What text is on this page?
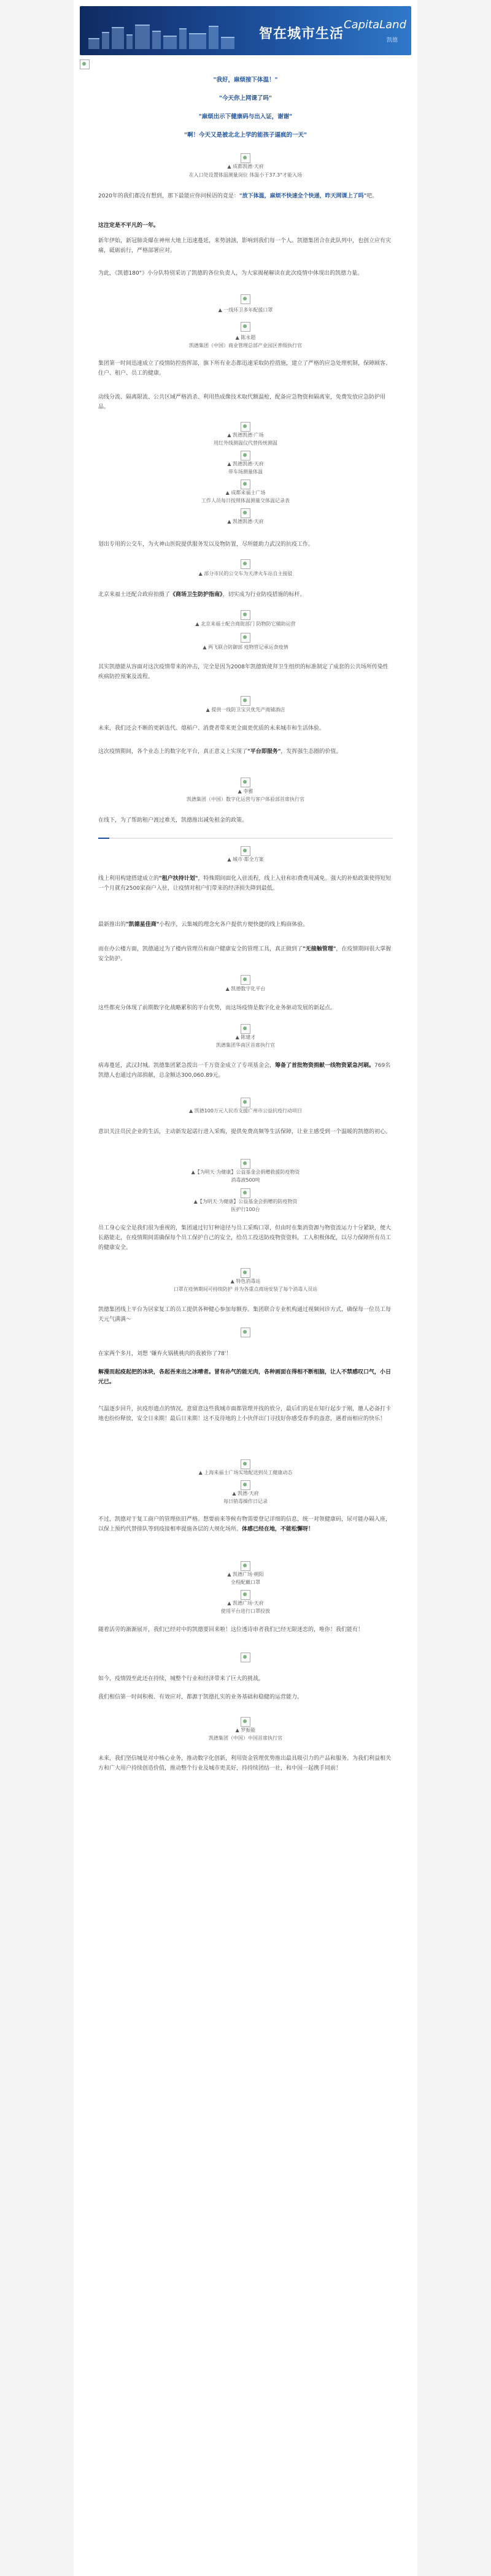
智在城市生活
CapitaLand
凯德

"我好，麻烦接下体温！"

"今天你上网课了吗"

"麻烦出示下健康码与出入证，谢谢"

"啊！今天又是被北北上学的能孩子逼疯的一天"

▲ 成都凯德·天府

在入口处设置体温测量岗位 体温小于37.3°才能入场

2020年的我们都没有想到，那下最能应你问候语的竟是："放下体温，麻烦不快速全个快递，昨天网课上了吗"吧。

这注定是不平凡的一年。

新年伊始，新冠肺炎爆在神州大地上迅速蔓延，来势汹汹，影响到我们每一个人。凯德集团合在此队列中，也创立应有灾痛，砥砺前行，严格部署应对。

为此，《凯德180°》小分队特别采访了凯德的各位负责人，为大家揭秘解读在此次疫情中体现出的凯德力量。

▲ 一线环卫多年配援口罩

▲ 陈永超

凯德集团（中国）商业管理总部产业园区普级执行官

集团第一时间迅速成立了疫情防控指挥部，旗下所有业态都迅速采取防控措施，建立了严格的应急处理机制，保障顾客、住户、租户、员工的健康。

动线分流、隔离限流、公共区域严格消杀、利用热成像技术取代额温枪，配备应急物资和隔离室，免费发放应急防护用品。

▲ 凯德凯德·广场

用红外线测温仪代替传统测温

▲ 凯德凯德·天府

带车场测量体温

▲ 成都来福士广场

工作人员每日按照体温测量交体温记录表

▲ 凯德凯德·天府

划出专用的公交车，为火神山医院提供服务发以及物防置，尽所能助力武汉的抗疫工作。

▲ 部分市民的公交车为天津火车站自主接驳

北京来福士还配合政府拍摄了《商场卫生防护指南》，切实成为行业防疫措施的标杆。

▲ 北京来福士配合商街部门 防物防它辅助运营

▲ 两飞联合防御部 疫物管记承运食疫情

其实凯德能从容面对这次疫情带来的冲击，完全是因为2008年凯德致使拜卫生组织的标准制定了成套的公共场所传染性疾病防控预案及流程。

▲ 提供一线防卫宝贝优先产商铺酒店

未来，我们还会不断的更新迭代、熄稻户、消费者带来更全面更优质的未来城市和生活体验。

这次疫情期间，各个业态上的数字化平台，真正意义上实现了"平台即服务"，发挥强生态圈的价值。

▲ 李雅

凯德集团（中国）数字化运营与客户体验部首席执行官

在线下，为了帮助租户渡过难关，凯德推出减免租金的政策。

▲ 城市·都全方案

线上利用构建搭建成立的"租户扶持计划"，特殊期间面化入驻流程，线上入驻和扣费费用减免。强大的补贴政策使得短短一个月就有2500家商户入驻，让疫情对租户们带来的经济损失降到最低。

最新推出的"凯德星佳商"小程序，云集城的理念允各户提供方便快捷的线上购商体验。

而在办公楼方面，凯德通过为了楼内管理员和商户健康安全的管理工具，真正做到了"无接触管理"，在疫情期间很大掌握安全防护。

▲ 凯德数字化平台

这些都充分体现了前期数字化战略累积的平台优势，而这场疫情是数字化业务驱动发展的新起点。

▲ 陈建才

凯德集团华南区首席执行官

病毒蔓延，武汉封城。凯德集团紧急拨出一千万资金成立了专项基金会，筹备了首批物资捐献一线物资紧急河刷。769名凯德人也通过内部捐献，总金额达300,060.89元。

▲ 凯德100万元人民币支援广州市公益抗疫行动项目

意识关注员民企业的生活，主动新发起诺行进入采购，提供免费高频等生活保障，让业主感受到一个温暖的凯德的初心。

▲【为明天·为健康】公益基金会捐赠救援防疫物资

消毒液500吨

▲【为明天·为健康】公益基金会捐赠的防疫物资

医护行100台

员工身心安全是我们很为重视的，集团通过钉钉种途径与员工采购口罩，但由时在集消资源与物资流运力十分紧缺，便大长路能走，在疫情期间需确保每个员工保护自己的安全，给员工投送防疫物资资料，工人积极体配，以尽力保障所有员工的健康安全。

▲ 特色消毒站

口罩在疫情期间可持续防护 并为各重点商场安装了每个消毒人员站

凯德集团线上平台为居家复工的员工提供各种健心参加每额券。集团联合专业机构通过视频问诊方式，确保每一位员工每天元气满满～

在家两个多月，刘想 '嫌弃火锅桃桃肉的我被你了78'！

解漫而起疫起把的冰块，各起吾来出之冰晴者。冒有孙气的能无肉，各种画面在得相不断相脑，让人不禁感叹口气，小日元已。

气温逐步回升，抗疫形遗点的情况。意留意这些我城市面都管理并找的放分，最后们的是在知行起步于刚，邀人必备打卡地也纷纷释放，安全日来期！最后日来期！这不及待地的上小伙伴出门寻找好你感受春季的盎意，遇着而相应的快乐！

▲ 上海来福士广场实地配送到员工健康动态

▲ 凯德·天府

每日销毒操作日记录

不过，凯德对于复工商户的管理依旧严格。想要前来等候有物需要登记详细的信息，统一对领健康码，尿可能办隔入座，以保上预约代替排队等到疫接相率提施各层的大规化场所。体感已经在地，不能松懈呀！

▲ 凯德广场·朝阳

全程配戴口罩

▲ 凯德广场·天府

使用平台进行口罩投放

随着活劳的渐渐展开，我们已经对中的凯德要回来啦！这位透诗串者我们已经无限迷恋的，唯你！我们能有！

如今，疫情毁至此还在持续，城整个行业和经济带来了巨大的挑战。

我们相信第一时间积极、有效应对，都源于凯德扎实的业务基础和稳健的运营能力。

▲ 罗振能

凯德集团（中国）中国首席执行官

未来，我们坚信城是对中核心业务，推动数字化创新，利用资金管理优势推出最具吸引力的产品和服务。为我们利益相关方和广大用户持续创造价值，推动整个行业及城市更美好，持持续团结一社，和中国一起携手同前！
